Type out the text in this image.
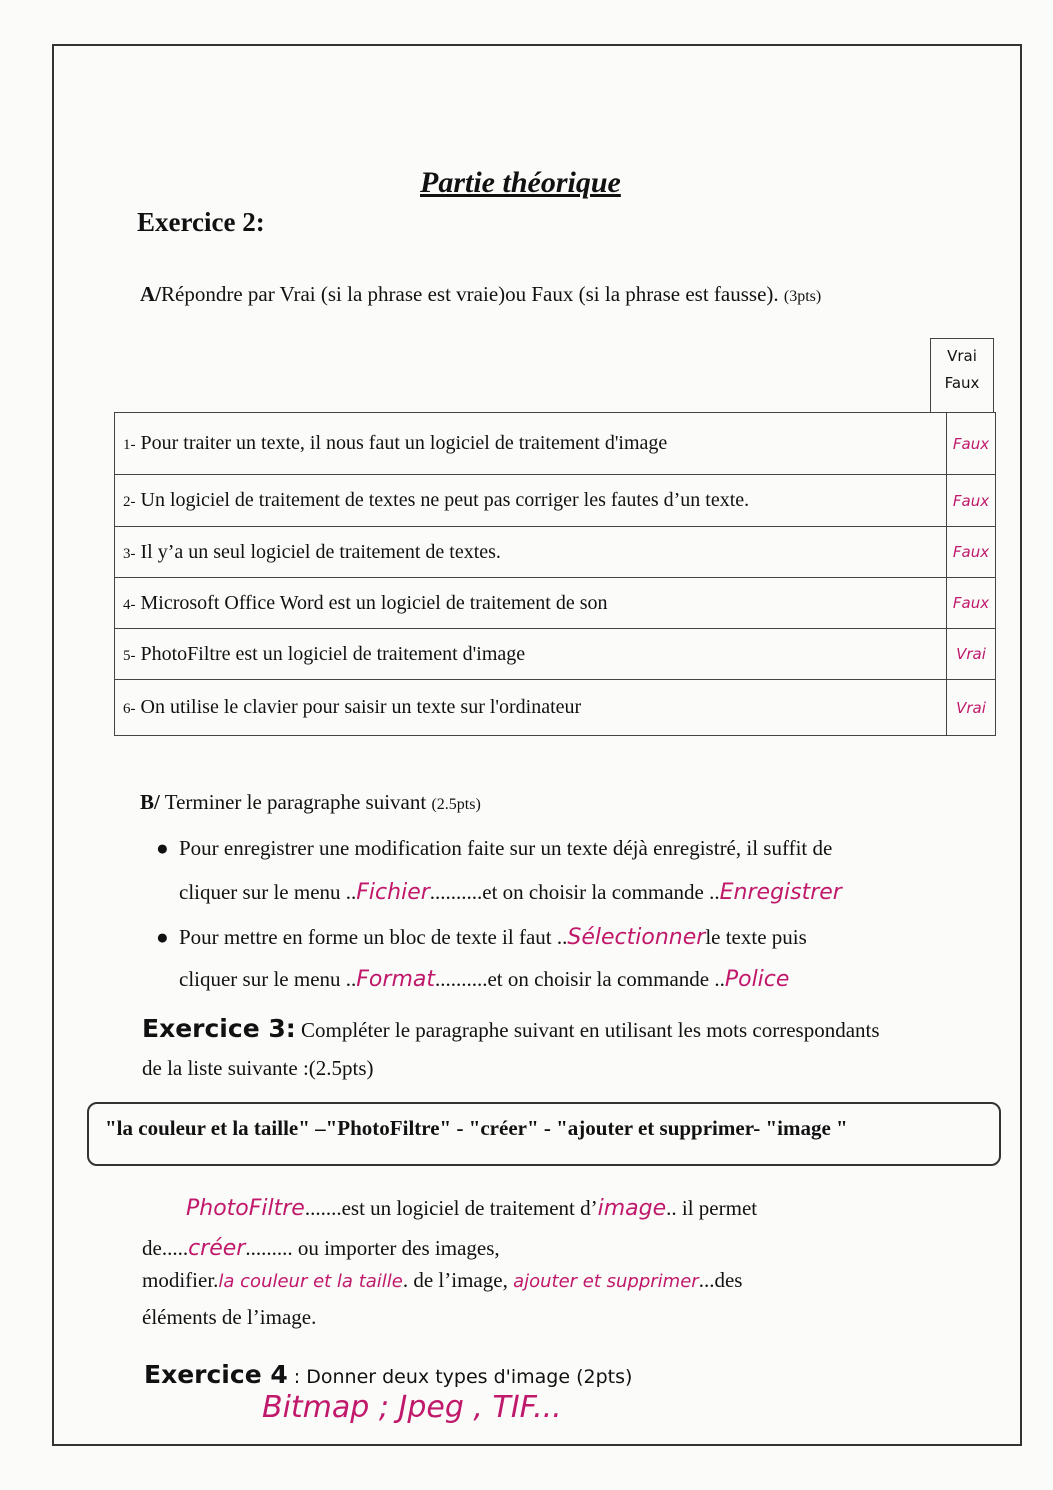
Partie théorique
Exercice 2:
A/Répondre par Vrai (si la phrase est vraie)ou Faux (si la phrase est fausse). (3pts)
Vrai
Faux
1- Pour traiter un texte, il nous faut un logiciel de traitement d'image	Faux
2- Un logiciel de traitement de textes ne peut pas corriger les fautes d’un texte.	Faux
3- Il y’a un seul logiciel de traitement de textes.	Faux
4- Microsoft Office Word est un logiciel de traitement de son	Faux
5- PhotoFiltre est un logiciel de traitement d'image	Vrai
6- On utilise le clavier pour saisir un texte sur l'ordinateur	Vrai
B/ Terminer le paragraphe suivant (2.5pts)
● Pour enregistrer une modification faite sur un texte déjà enregistré, il suffit de
cliquer sur le menu ..Fichier..........et on choisir la commande ..Enregistrer
● Pour mettre en forme un bloc de texte il faut ..Sélectionnerle texte puis
cliquer sur le menu ..Format..........et on choisir la commande ..Police
Exercice 3: Compléter le paragraphe suivant en utilisant les mots correspondants
de la liste suivante :(2.5pts)
"la couleur et la taille" –"PhotoFiltre" - "créer" - "ajouter et supprimer- "image "
PhotoFiltre.......est un logiciel de traitement d’image.. il permet
de.....créer......... ou importer des images,
modifier.la couleur et la taille. de l’image, ajouter et supprimer...des
éléments de l’image.
Exercice 4 : Donner deux types d'image (2pts)
Bitmap ; Jpeg , TIF...
